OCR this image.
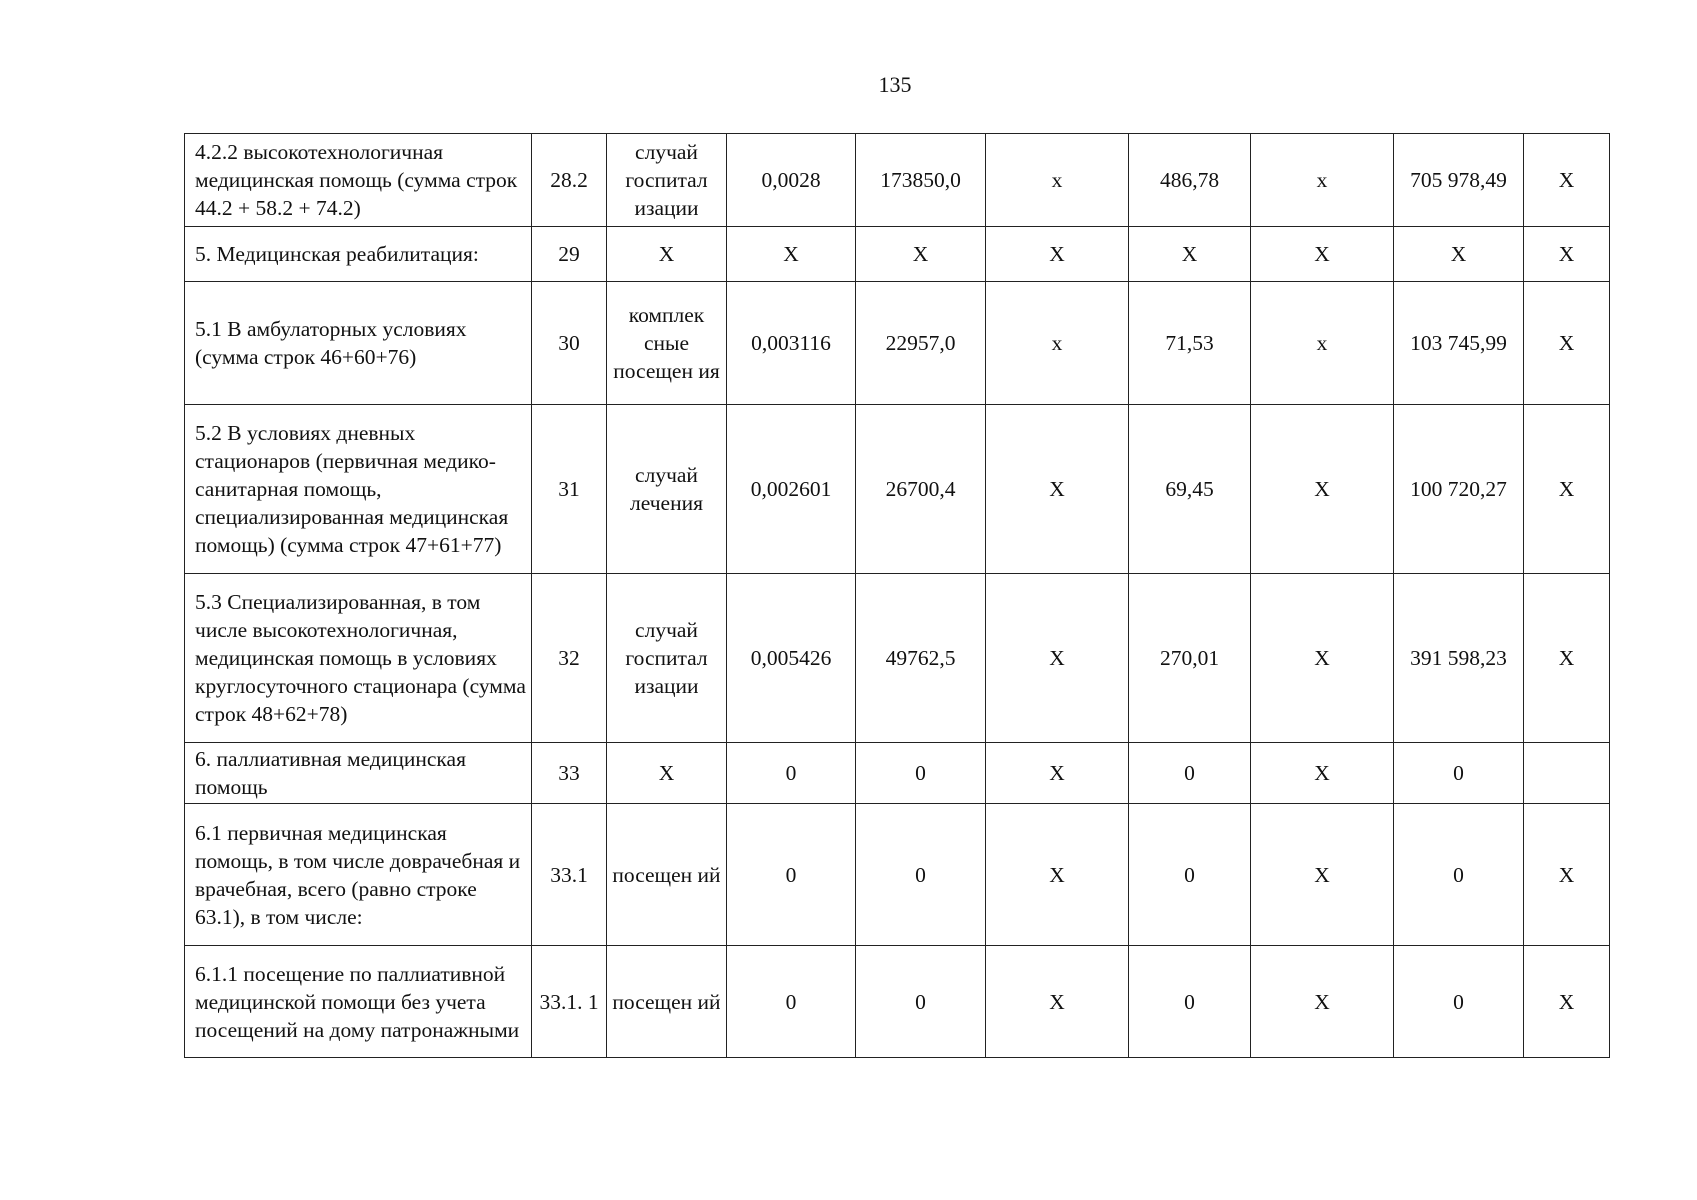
135
4.2.2 высокотехнологичная медицинская помощь (сумма строк 44.2 + 58.2 + 74.2)	28.2	случай госпитал изации	0,0028	173850,0	х	486,78	х	705 978,49	Х
5. Медицинская реабилитация:	29	Х	Х	Х	Х	Х	Х	Х	Х
5.1 В амбулаторных условиях (сумма строк 46+60+76)	30	комплек сные посещен ия	0,003116	22957,0	х	71,53	х	103 745,99	Х
5.2 В условиях дневных стационаров (первичная медико-санитарная помощь, специализированная медицинская помощь) (сумма строк 47+61+77)	31	случай лечения	0,002601	26700,4	Х	69,45	Х	100 720,27	Х
5.3 Специализированная, в том числе высокотехнологичная, медицинская помощь в условиях круглосуточного стационара (сумма строк 48+62+78)	32	случай госпитал изации	0,005426	49762,5	Х	270,01	Х	391 598,23	Х
6. паллиативная медицинская помощь	33	Х	0	0	Х	0	Х	0	
6.1 первичная медицинская помощь, в том числе доврачебная и врачебная, всего (равно строке 63.1), в том числе:	33.1	посещен ий	0	0	Х	0	Х	0	Х
6.1.1 посещение по паллиативной медицинской помощи без учета посещений на дому патронажными	33.1. 1	посещен ий	0	0	Х	0	Х	0	Х
